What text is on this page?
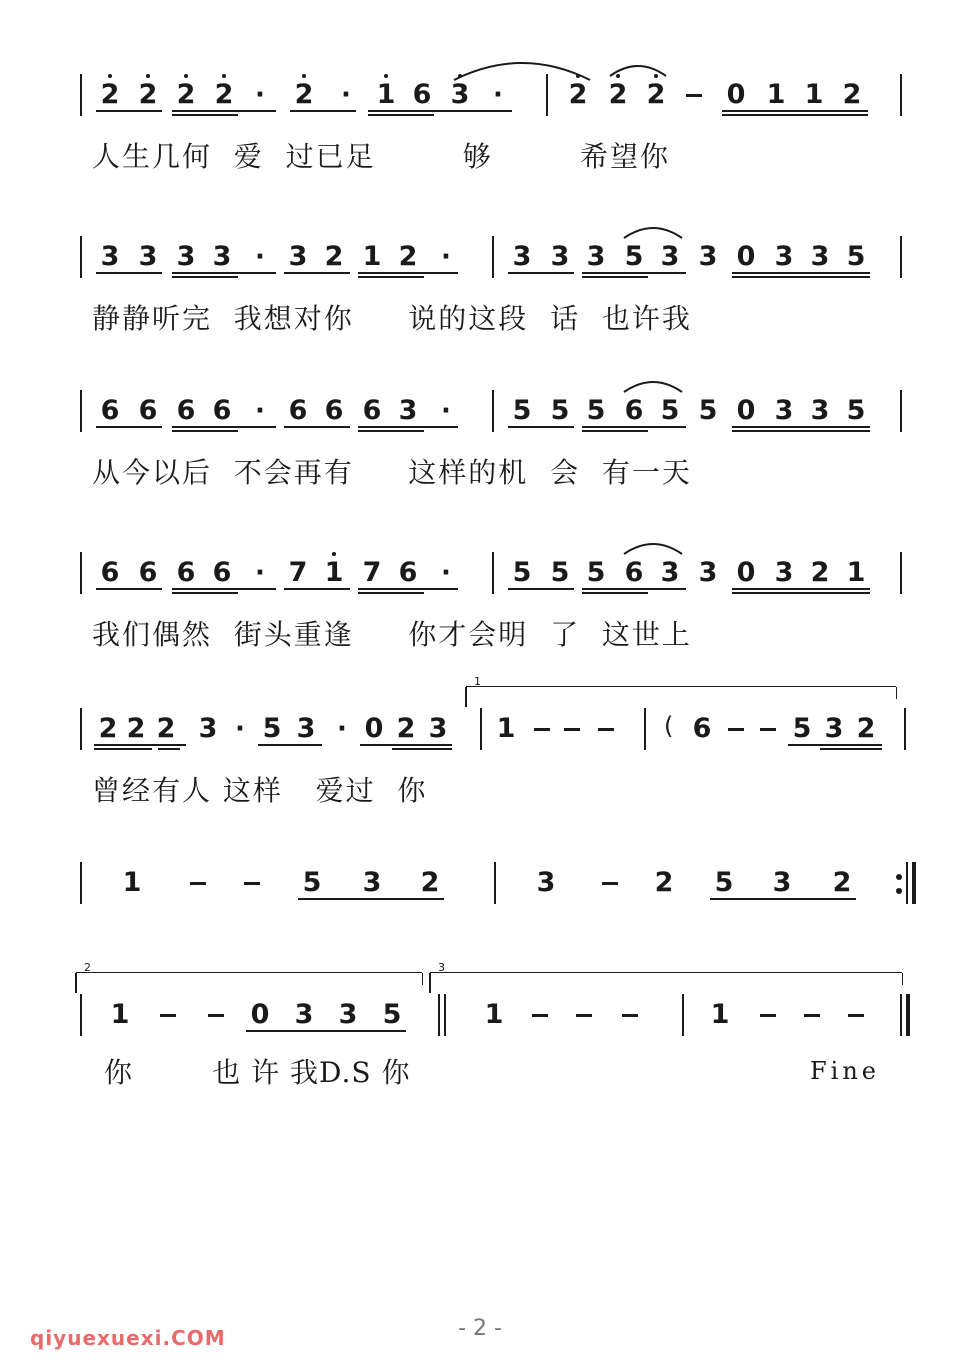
2 2 2 2 · 2 · 1 6 3 · 2 2 2 0 1 1 2
人生几何  爱  过已足        够        希望你
3 3 3 3 · 3 2 1 2 · 3 3 3 5 3 3 0 3 3 5
静静听完  我想对你     说的这段  话  也许我
6 6 6 6 · 6 6 6 3 · 5 5 5 6 5 5 0 3 3 5
从今以后  不会再有     这样的机  会  有一天
6 6 6 6 · 7 1 7 6 · 5 5 5 6 3 3 0 3 2 1
我们偶然  街头重逢     你才会明  了  这世上
2 2 2 3 · 5 3 · 0 2 3
1
1	( 6	5 3 2
曾经有人 这样   爱过  你
1	5 3 2	3	2 5 3 2
2
1	0 3 3 5
3
1	1
你        也 许 我D.S 你	Fine
- 2 -
qiyuexuexi.COM
